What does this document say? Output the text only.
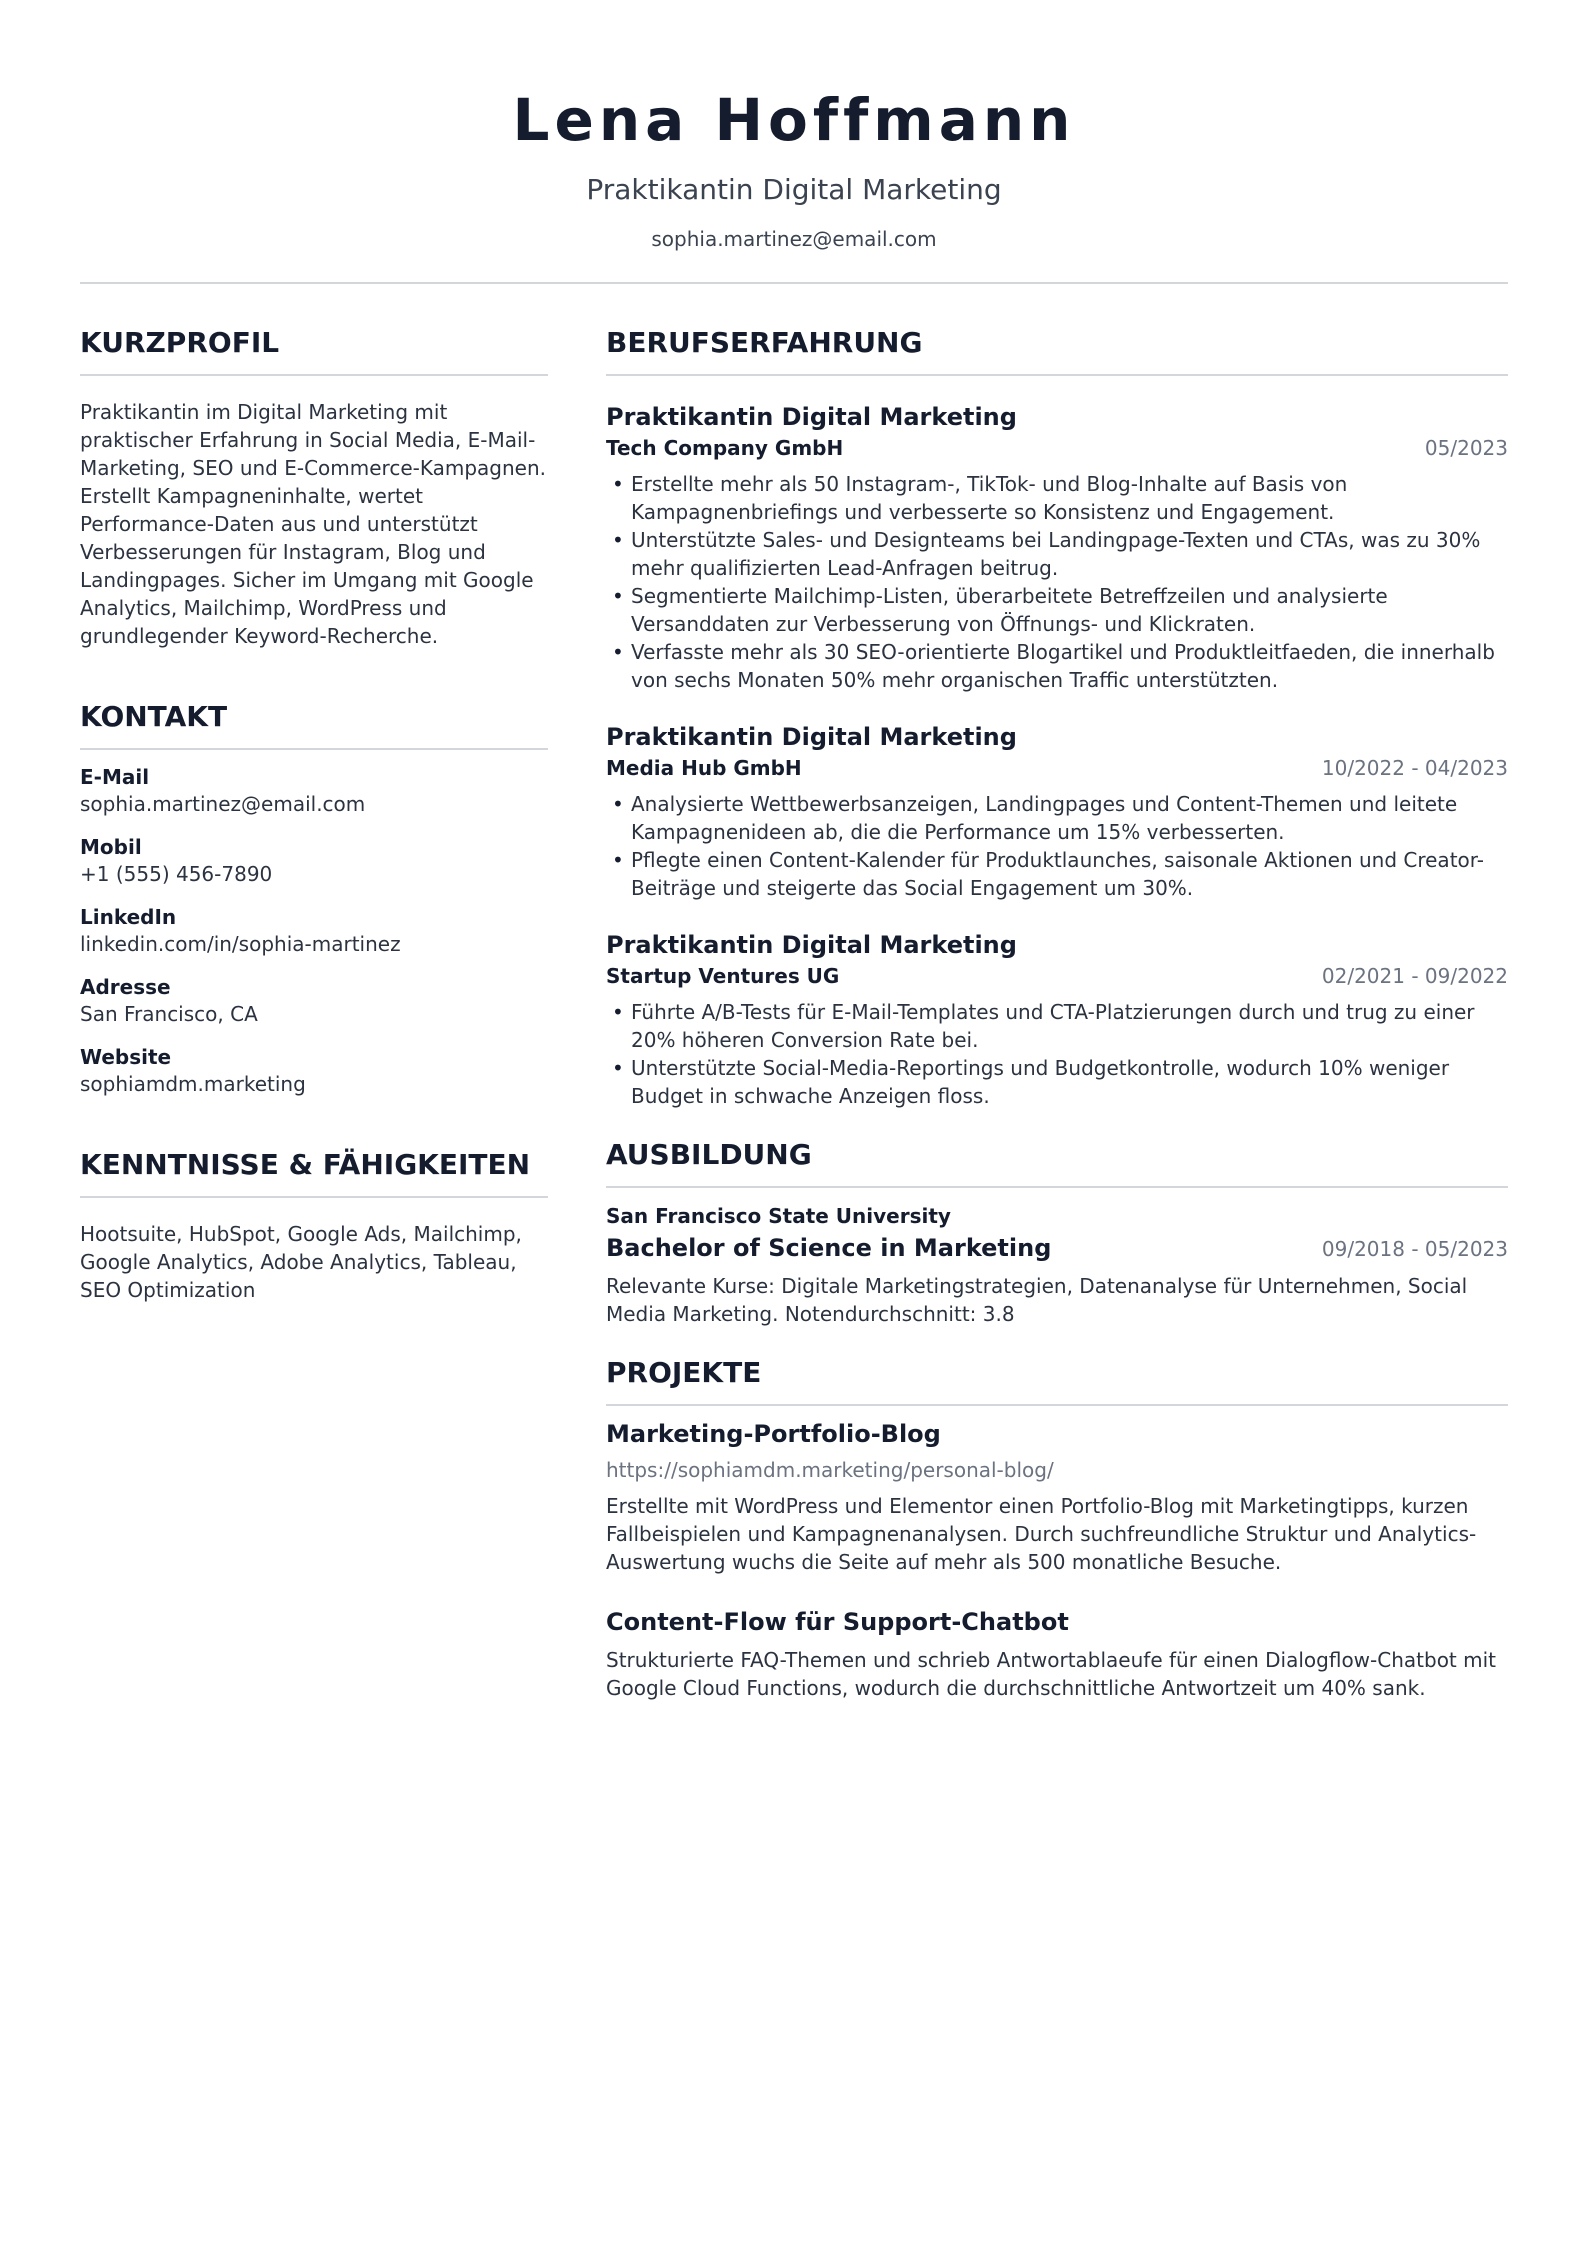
Lena Hoffmann
Praktikantin Digital Marketing
sophia.martinez@email.com
KURZPROFIL

Praktikantin im Digital Marketing mit praktischer Erfahrung in Social Media, E-Mail-Marketing, SEO und E-Commerce-Kampagnen. Erstellt Kampagneninhalte, wertet Performance-Daten aus und unterstützt Verbesserungen für Instagram, Blog und Landingpages. Sicher im Umgang mit Google Analytics, Mailchimp, WordPress und grundlegender Keyword-Recherche.

KONTAKT
E-Mail
sophia.martinez@email.com
Mobil
+1 (555) 456-7890
LinkedIn
linkedin.com/in/sophia-martinez
Adresse
San Francisco, CA
Website
sophiamdm.marketing
KENNTNISSE & FÄHIGKEITEN

Hootsuite, HubSpot, Google Ads, Mailchimp, Google Analytics, Adobe Analytics, Tableau, SEO Optimization

BERUFSERFAHRUNG
Praktikantin Digital Marketing
Tech Company GmbH	05/2023
• Erstellte mehr als 50 Instagram-, TikTok- und Blog-Inhalte auf Basis von Kampagnenbriefings und verbesserte so Konsistenz und Engagement.
• Unterstützte Sales- und Designteams bei Landingpage-Texten und CTAs, was zu 30% mehr qualifizierten Lead-Anfragen beitrug.
• Segmentierte Mailchimp-Listen, überarbeitete Betreffzeilen und analysierte Versanddaten zur Verbesserung von Öffnungs- und Klickraten.
• Verfasste mehr als 30 SEO-orientierte Blogartikel und Produktleitfaeden, die innerhalb von sechs Monaten 50% mehr organischen Traffic unterstützten.
Praktikantin Digital Marketing
Media Hub GmbH	10/2022 - 04/2023
• Analysierte Wettbewerbsanzeigen, Landingpages und Content-Themen und leitete Kampagnenideen ab, die die Performance um 15% verbesserten.
• Pflegte einen Content-Kalender für Produktlaunches, saisonale Aktionen und Creator-Beiträge und steigerte das Social Engagement um 30%.
Praktikantin Digital Marketing
Startup Ventures UG	02/2021 - 09/2022
• Führte A/B-Tests für E-Mail-Templates und CTA-Platzierungen durch und trug zu einer 20% höheren Conversion Rate bei.
• Unterstützte Social-Media-Reportings und Budgetkontrolle, wodurch 10% weniger Budget in schwache Anzeigen floss.
AUSBILDUNG
San Francisco State University
Bachelor of Science in Marketing	09/2018 - 05/2023

Relevante Kurse: Digitale Marketingstrategien, Datenanalyse für Unternehmen, Social Media Marketing. Notendurchschnitt: 3.8

PROJEKTE
Marketing-Portfolio-Blog
https://sophiamdm.marketing/personal-blog/

Erstellte mit WordPress und Elementor einen Portfolio-Blog mit Marketingtipps, kurzen Fallbeispielen und Kampagnenanalysen. Durch suchfreundliche Struktur und Analytics-Auswertung wuchs die Seite auf mehr als 500 monatliche Besuche.

Content-Flow für Support-Chatbot

Strukturierte FAQ-Themen und schrieb Antwortablaeufe für einen Dialogflow-Chatbot mit Google Cloud Functions, wodurch die durchschnittliche Antwortzeit um 40% sank.
